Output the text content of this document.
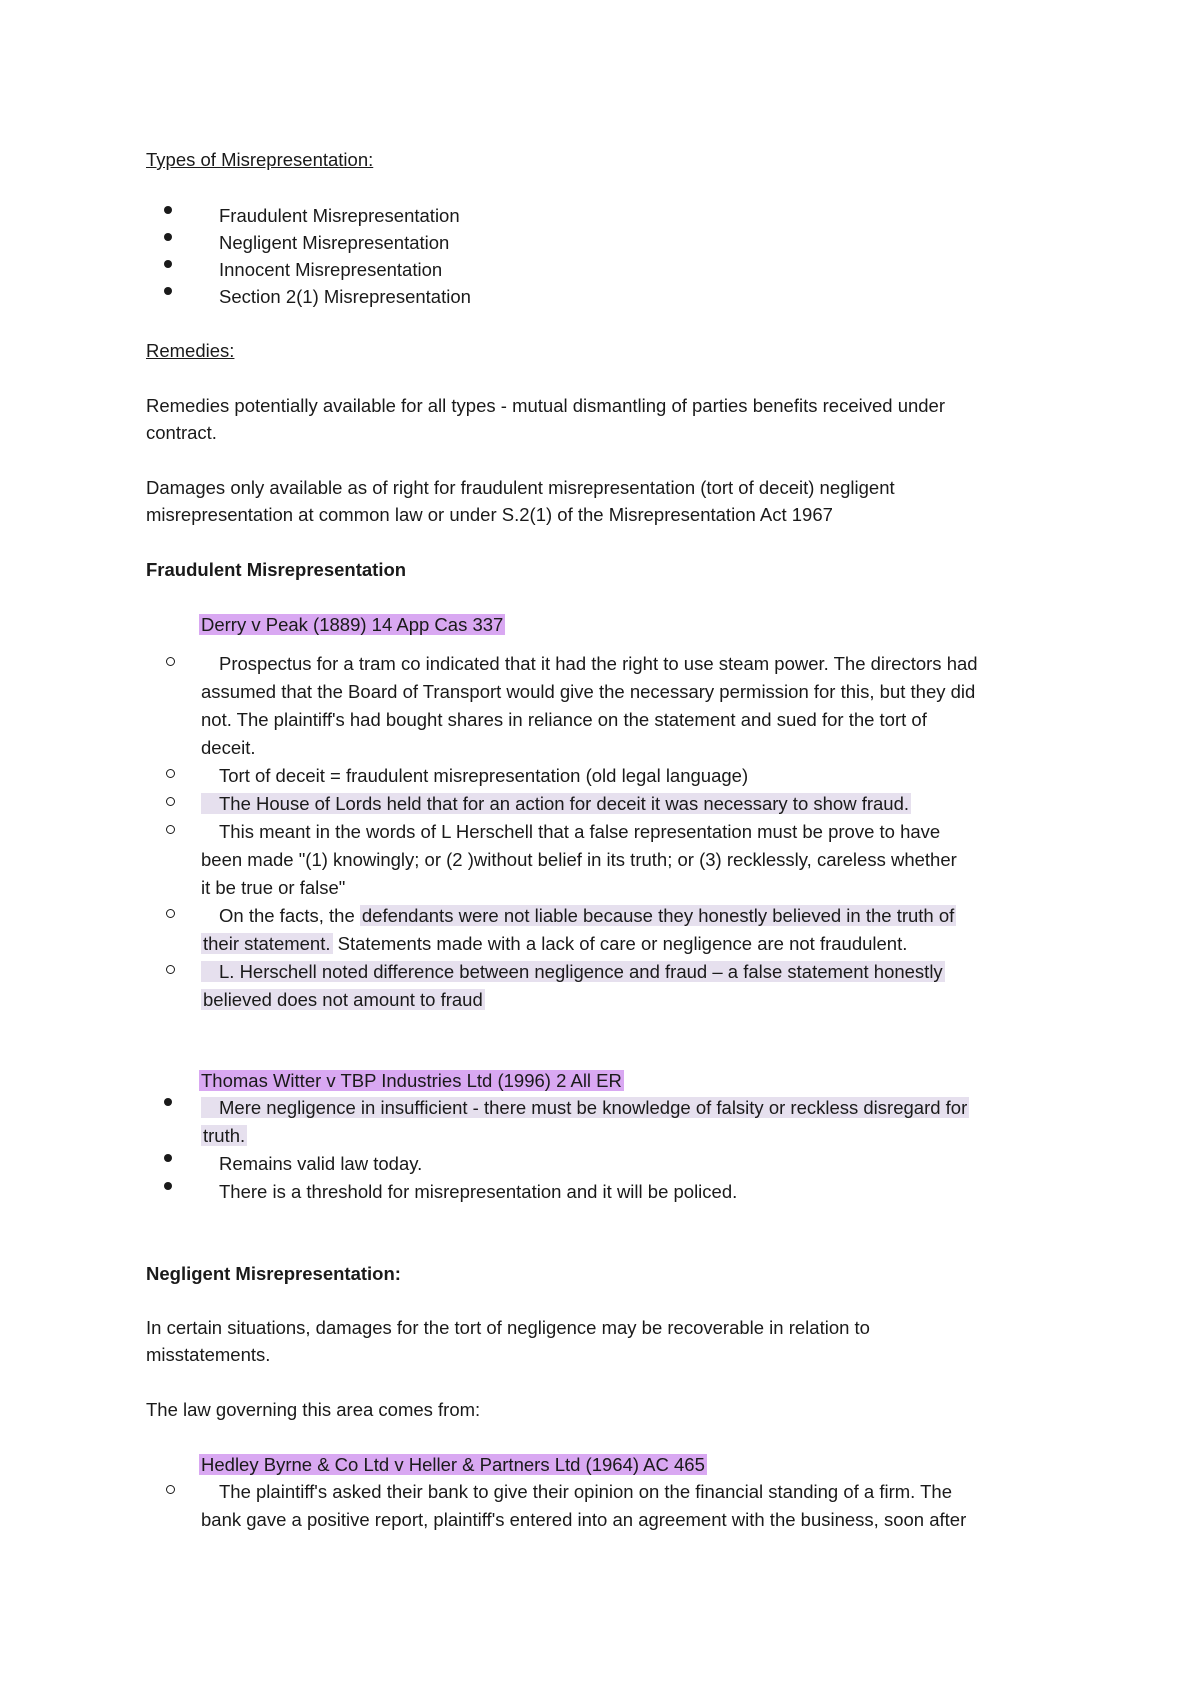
Types of Misrepresentation:
Fraudulent Misrepresentation
Negligent Misrepresentation
Innocent Misrepresentation
Section 2(1) Misrepresentation
Remedies:
Remedies potentially available for all types - mutual dismantling of parties benefits received under
contract.
Damages only available as of right for fraudulent misrepresentation (tort of deceit) negligent
misrepresentation at common law or under S.2(1) of the Misrepresentation Act 1967
Fraudulent Misrepresentation
Derry v Peak (1889) 14 App Cas 337
Prospectus for a tram co indicated that it had the right to use steam power. The directors had
assumed that the Board of Transport would give the necessary permission for this, but they did
not. The plaintiff's had bought shares in reliance on the statement and sued for the tort of
deceit.
Tort of deceit = fraudulent misrepresentation (old legal language)
The House of Lords held that for an action for deceit it was necessary to show fraud.
This meant in the words of L Herschell that a false representation must be prove to have
been made "(1) knowingly; or (2 )without belief in its truth; or (3) recklessly, careless whether
it be true or false"
On the facts, the defendants were not liable because they honestly believed in the truth of
their statement. Statements made with a lack of care or negligence are not fraudulent.
L. Herschell noted difference between negligence and fraud – a false statement honestly
believed does not amount to fraud
Thomas Witter v TBP Industries Ltd (1996) 2 All ER
Mere negligence in insufficient - there must be knowledge of falsity or reckless disregard for
truth.
Remains valid law today.
There is a threshold for misrepresentation and it will be policed.
Negligent Misrepresentation:
In certain situations, damages for the tort of negligence may be recoverable in relation to
misstatements.
The law governing this area comes from:
Hedley Byrne & Co Ltd v Heller & Partners Ltd (1964) AC 465
The plaintiff's asked their bank to give their opinion on the financial standing of a firm. The
bank gave a positive report, plaintiff's entered into an agreement with the business, soon after
